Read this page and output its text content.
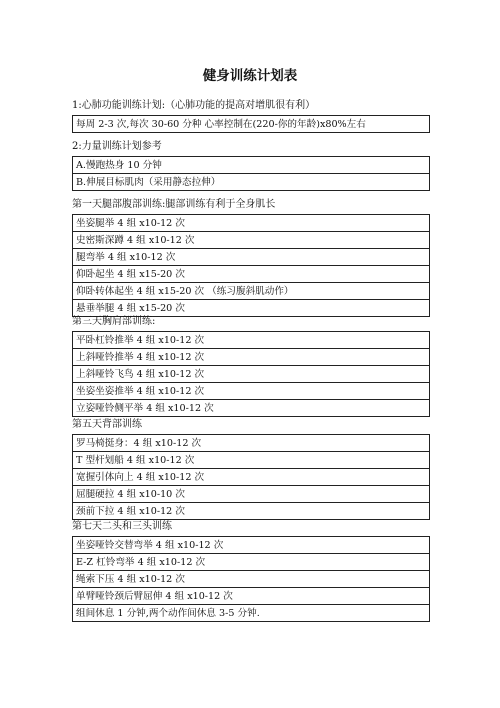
健身训练计划表
1:心肺功能训练计划:（心肺功能的提高对增肌很有利）
每周 2-3 次,每次 30-60 分种 心率控制在(220-你的年龄)x80%左右
2:力量训练计划参考
A.慢跑热身 10 分钟
B.伸展目标肌肉（采用静态拉伸）
第一天腿部腹部训练:腿部训练有利于全身肌长
坐姿腿举 4 组 x10-12 次
史密斯深蹲 4 组 x10-12 次
腿弯举 4 组 x10-12 次
仰卧起坐 4 组 x15-20 次
仰卧转体起坐 4 组 x15-20 次 （练习腹斜肌动作）
悬垂举腿 4 组 x15-20 次
第三天胸肩部训练:
平卧杠铃推举 4 组 x10-12 次
上斜哑铃推举 4 组 x10-12 次
上斜哑铃飞鸟 4 组 x10-12 次
坐姿坐姿推举 4 组 x10-12 次
立姿哑铃侧平举 4 组 x10-12 次
第五天背部训练
罗马椅挺身：4 组 x10-12 次
T 型杆划船 4 组 x10-12 次
宽握引体向上 4 组 x10-12 次
屈腿硬拉 4 组 x10-10 次
颈前下拉 4 组 x10-12 次
第七天二头和三头训练
坐姿哑铃交替弯举 4 组 x10-12 次
E-Z 杠铃弯举 4 组 x10-12 次
绳索下压 4 组 x10-12 次
单臂哑铃颈后臂屈伸 4 组 x10-12 次
组间休息 1 分钟,两个动作间休息 3-5 分钟.
